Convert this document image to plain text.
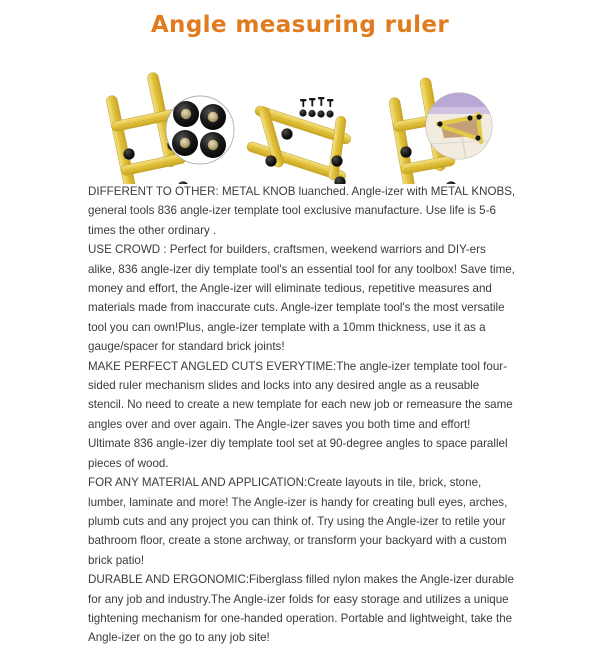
Angle measuring ruler

DIFFERENT TO OTHER: METAL KNOB luanched. Angle-izer with METAL KNOBS, general tools 836 angle-izer template tool exclusive manufacture. Use life is 5-6 times the other ordinary .

USE CROWD : Perfect for builders, craftsmen, weekend warriors and DIY-ers alike, 836 angle-izer diy template tool's an essential tool for any toolbox! Save time, money and effort, the Angle-izer will eliminate tedious, repetitive measures and materials made from inaccurate cuts. Angle-izer template tool's the most versatile tool you can own!Plus, angle-izer template with a 10mm thickness, use it as a gauge/spacer for standard brick joints!

MAKE PERFECT ANGLED CUTS EVERYTIME:The angle-izer template tool four-sided ruler mechanism slides and locks into any desired angle as a reusable stencil. No need to create a new template for each new job or remeasure the same angles over and over again. The Angle-izer saves you both time and effort! Ultimate 836 angle-izer diy template tool set at 90-degree angles to space parallel pieces of wood.

FOR ANY MATERIAL AND APPLICATION:Create layouts in tile, brick, stone, lumber, laminate and more! The Angle-izer is handy for creating bull eyes, arches, plumb cuts and any project you can think of. Try using the Angle-izer to retile your bathroom floor, create a stone archway, or transform your backyard with a custom brick patio!

DURABLE AND ERGONOMIC:Fiberglass filled nylon makes the Angle-izer durable for any job and industry.The Angle-izer folds for easy storage and utilizes a unique tightening mechanism for one-handed operation. Portable and lightweight, take the Angle-izer on the go to any job site!
